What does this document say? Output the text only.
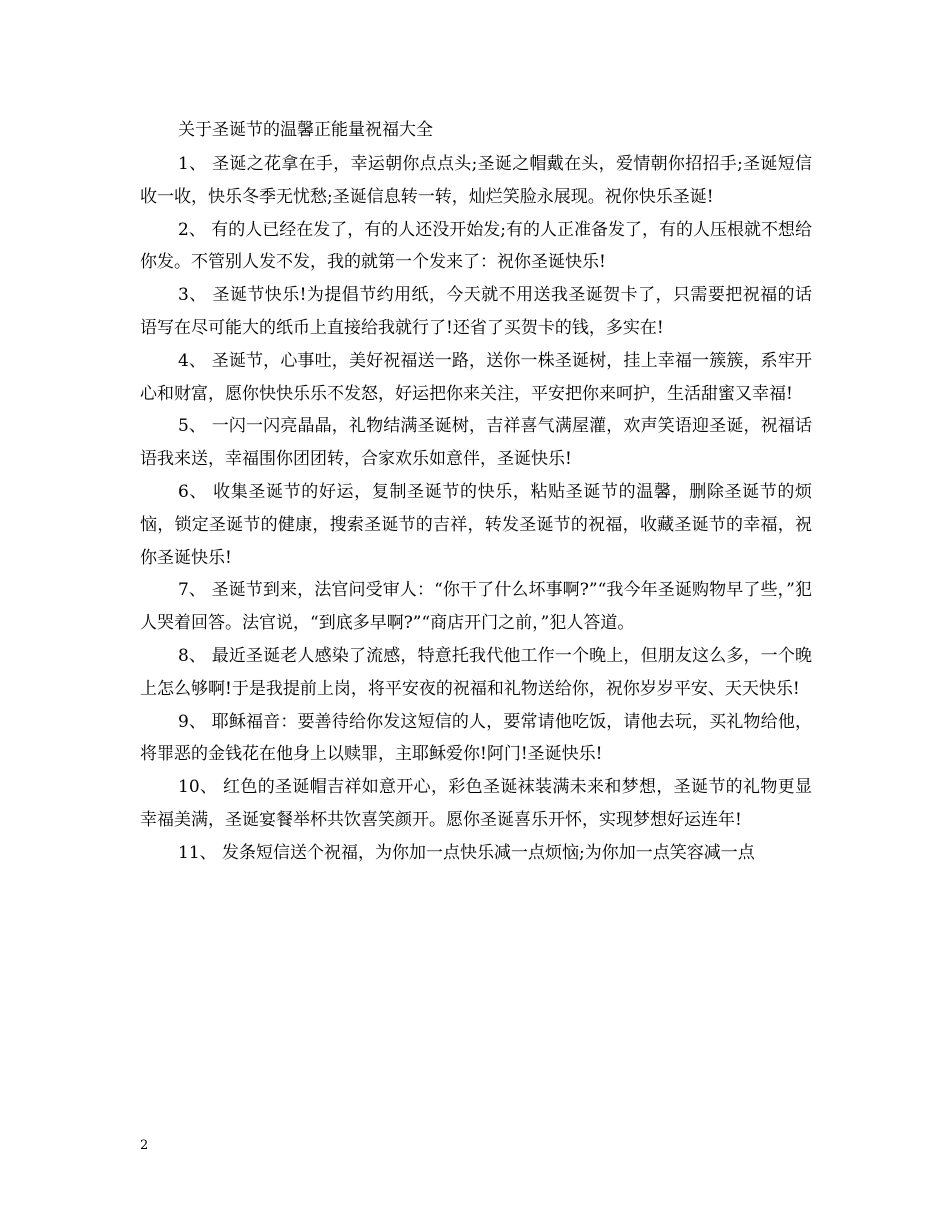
关于圣诞节的温馨正能量祝福大全

1、 圣诞之花拿在手，幸运朝你点点头;圣诞之帽戴在头，爱情朝你招招手;圣诞短信收一收，快乐冬季无忧愁;圣诞信息转一转，灿烂笑脸永展现。祝你快乐圣诞!

2、 有的人已经在发了，有的人还没开始发;有的人正准备发了，有的人压根就不想给你发。不管别人发不发，我的就第一个发来了：祝你圣诞快乐!

3、 圣诞节快乐!为提倡节约用纸，今天就不用送我圣诞贺卡了，只需要把祝福的话语写在尽可能大的纸币上直接给我就行了!还省了买贺卡的钱，多实在!

4、 圣诞节，心事吐，美好祝福送一路，送你一株圣诞树，挂上幸福一簇簇，系牢开心和财富，愿你快快乐乐不发怒，好运把你来关注，平安把你来呵护，生活甜蜜又幸福!

5、 一闪一闪亮晶晶，礼物结满圣诞树，吉祥喜气满屋灌，欢声笑语迎圣诞，祝福话语我来送，幸福围你团团转，合家欢乐如意伴，圣诞快乐!

6、 收集圣诞节的好运，复制圣诞节的快乐，粘贴圣诞节的温馨，删除圣诞节的烦恼，锁定圣诞节的健康，搜索圣诞节的吉祥，转发圣诞节的祝福，收藏圣诞节的幸福，祝你圣诞快乐!

7、 圣诞节到来，法官问受审人：“你干了什么坏事啊?”“我今年圣诞购物早了些，”犯人哭着回答。法官说，“到底多早啊?”“商店开门之前，”犯人答道。

8、 最近圣诞老人感染了流感，特意托我代他工作一个晚上，但朋友这么多，一个晚上怎么够啊!于是我提前上岗，将平安夜的祝福和礼物送给你，祝你岁岁平安、天天快乐!

9、 耶稣福音：要善待给你发这短信的人，要常请他吃饭，请他去玩，买礼物给他，将罪恶的金钱花在他身上以赎罪，主耶稣爱你!阿门!圣诞快乐!

10、 红色的圣诞帽吉祥如意开心，彩色圣诞袜装满未来和梦想，圣诞节的礼物更显幸福美满，圣诞宴餐举杯共饮喜笑颜开。愿你圣诞喜乐开怀，实现梦想好运连年!

11、 发条短信送个祝福，为你加一点快乐减一点烦恼;为你加一点笑容减一点

2
